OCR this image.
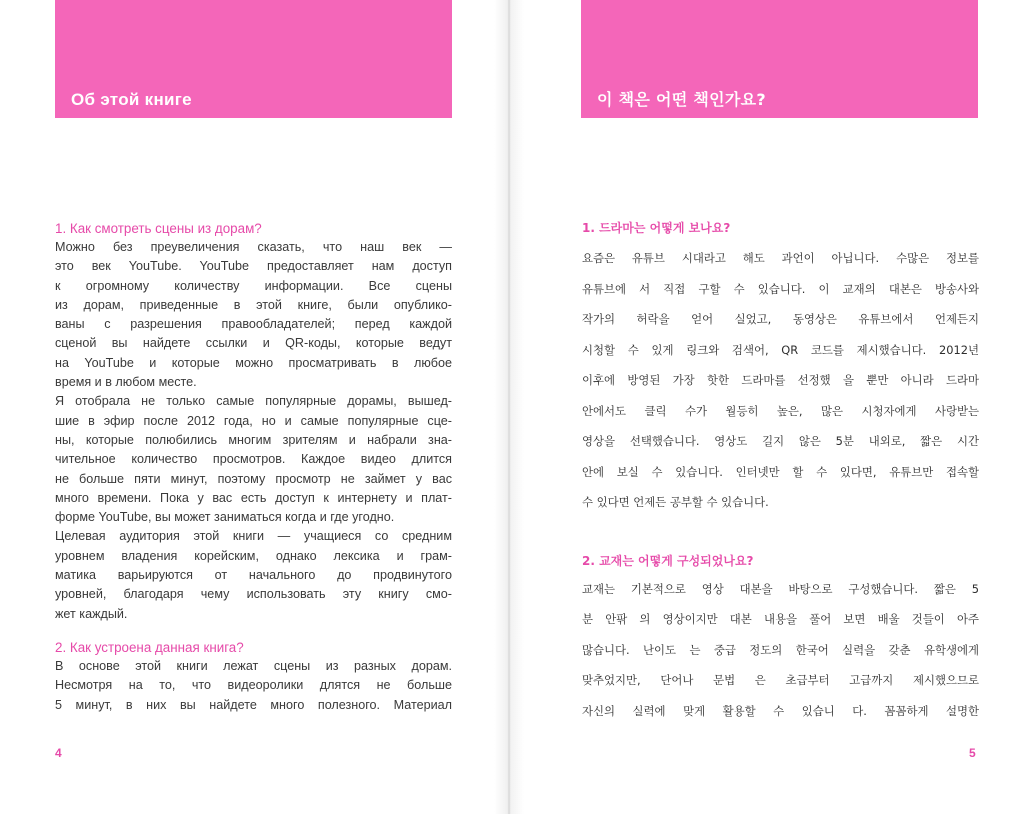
Об этой книге
1. Как смотреть сцены из дорам?

Можно без преувеличения сказать, что наш век —
это век YouTube. YouTube предоставляет нам доступ
к огромному количеству информации. Все сцены
из дорам, приведенные в этой книге, были опублико-
ваны с разрешения правообладателей; перед каждой
сценой вы найдете ссылки и QR-коды, которые ведут
на YouTube и которые можно просматривать в любое
время и в любом месте.
Я отобрала не только самые популярные дорамы, вышед-
шие в эфир после 2012 года, но и самые популярные сце-
ны, которые полюбились многим зрителям и набрали зна-
чительное количество просмотров. Каждое видео длится
не больше пяти минут, поэтому просмотр не займет у вас
много времени. Пока у вас есть доступ к интернету и плат-
форме YouTube, вы может заниматься когда и где угодно.
Целевая аудитория этой книги — учащиеся со средним
уровнем владения корейским, однако лексика и грам-
матика варьируются от начального до продвинутого
уровней, благодаря чему использовать эту книгу смо-
жет каждый.

2. Как устроена данная книга?

В основе этой книги лежат сцены из разных дорам.
Несмотря на то, что видеоролики длятся не больше
5 минут, в них вы найдете много полезного. Материал

4
이 책은 어떤 책인가요?
1. 드라마는 어떻게 보나요?

요즘은 유튜브 시대라고 해도 과언이 아닙니다. 수많은 정보를
유튜브에 서 직접 구할 수 있습니다. 이 교재의 대본은 방송사와
작가의 허락을 얻어 실었고, 동영상은 유튜브에서 언제든지
시청할 수 있게 링크와 검색어, QR 코드를 제시했습니다. 2012년
이후에 방영된 가장 핫한 드라마를 선정했 을 뿐만 아니라 드라마
안에서도 클릭 수가 월등히 높은, 많은 시청자에게 사랑받는
영상을 선택했습니다. 영상도 길지 않은 5분 내외로, 짧은 시간
안에 보실 수 있습니다. 인터넷만 할 수 있다면, 유튜브만 접속할
수 있다면 언제든 공부할 수 있습니다.

2. 교재는 어떻게 구성되었나요?

교재는 기본적으로 영상 대본을 바탕으로 구성했습니다. 짧은 5
분 안팎 의 영상이지만 대본 내용을 풀어 보면 배울 것들이 아주
많습니다. 난이도 는 중급 정도의 한국어 실력을 갖춘 유학생에게
맞추었지만, 단어나 문법 은 초급부터 고급까지 제시했으므로
자신의 실력에 맞게 활용할 수 있습니 다. 꼼꼼하게 설명한

5
